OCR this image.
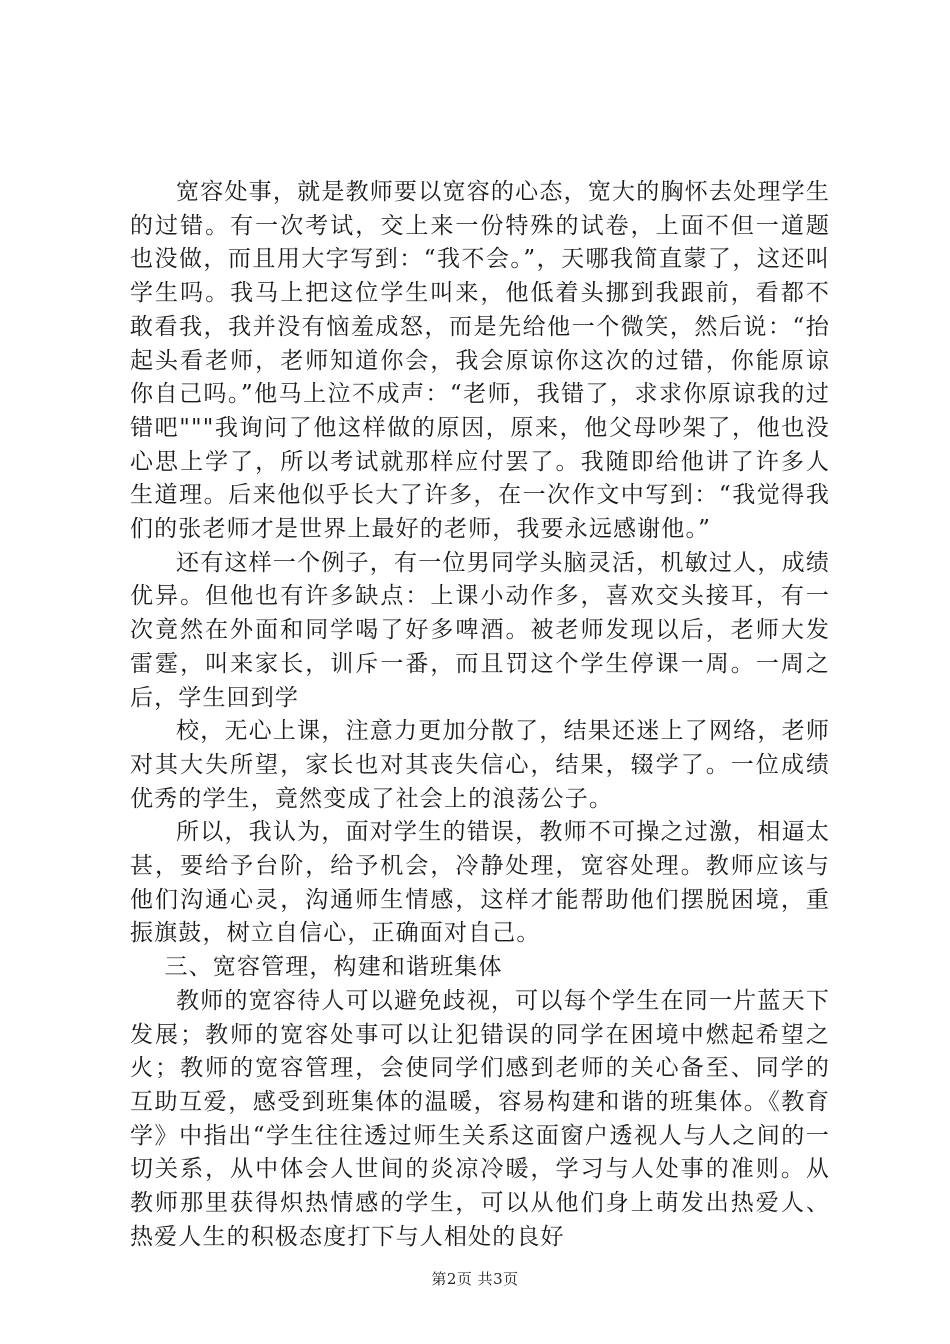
宽容处事，就是教师要以宽容的心态，宽大的胸怀去处理学生的过错。有一次考试，交上来一份特殊的试卷，上面不但一道题也没做，而且用大字写到：“我不会。”，天哪我简直蒙了，这还叫学生吗。我马上把这位学生叫来，他低着头挪到我跟前，看都不敢看我，我并没有恼羞成怒，而是先给他一个微笑，然后说：“抬起头看老师，老师知道你会，我会原谅你这次的过错，你能原谅你自己吗。”他马上泣不成声：“老师，我错了，求求你原谅我的过错吧"""我询问了他这样做的原因，原来，他父母吵架了，他也没心思上学了，所以考试就那样应付罢了。我随即给他讲了许多人生道理。后来他似乎长大了许多，在一次作文中写到：“我觉得我们的张老师才是世界上最好的老师，我要永远感谢他。”

还有这样一个例子，有一位男同学头脑灵活，机敏过人，成绩优异。但他也有许多缺点：上课小动作多，喜欢交头接耳，有一次竟然在外面和同学喝了好多啤酒。被老师发现以后，老师大发雷霆，叫来家长，训斥一番，而且罚这个学生停课一周。一周之后，学生回到学

校，无心上课，注意力更加分散了，结果还迷上了网络，老师对其大失所望，家长也对其丧失信心，结果，辍学了。一位成绩优秀的学生，竟然变成了社会上的浪荡公子。

所以，我认为，面对学生的错误，教师不可操之过激，相逼太甚，要给予台阶，给予机会，冷静处理，宽容处理。教师应该与他们沟通心灵，沟通师生情感，这样才能帮助他们摆脱困境，重振旗鼓，树立自信心，正确面对自己。

三、宽容管理，构建和谐班集体

教师的宽容待人可以避免歧视，可以每个学生在同一片蓝天下发展；教师的宽容处事可以让犯错误的同学在困境中燃起希望之火；教师的宽容管理，会使同学们感到老师的关心备至、同学的互助互爱，感受到班集体的温暖，容易构建和谐的班集体。《教育学》中指出“学生往往透过师生关系这面窗户透视人与人之间的一切关系，从中体会人世间的炎凉冷暖，学习与人处事的准则。从教师那里获得炽热情感的学生，可以从他们身上萌发出热爱人、热爱人生的积极态度打下与人相处的良好

第2页 共3页
